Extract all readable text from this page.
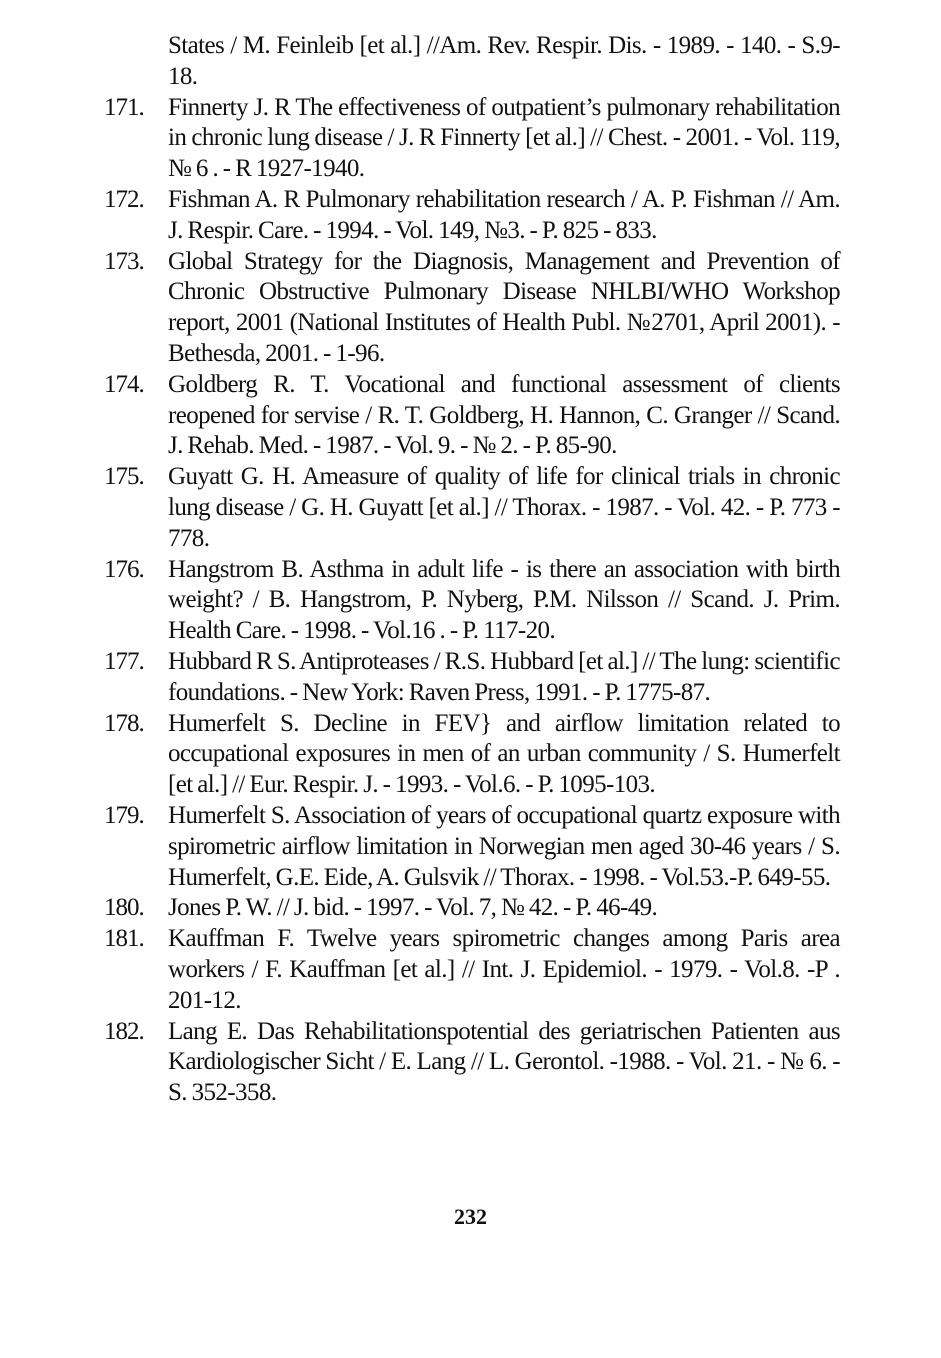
States / M. Feinleib [et al.] //Am. Rev. Respir. Dis. - 1989. - 140. - S.9-18.
171. Finnerty J. R The effectiveness of outpatient’s pulmonary rehabilitation in chronic lung disease / J. R Finnerty [et al.] // Chest. - 2001. - Vol. 119, № 6 . - R 1927-1940.
172. Fishman A. R Pulmonary rehabilitation research / A. P. Fishman // Am. J. Respir. Care. - 1994. - Vol. 149, №3. - P. 825 - 833.
173. Global Strategy for the Diagnosis, Management and Prevention of Chronic Obstructive Pulmonary Disease NHLBI/WHO Workshop report, 2001 (National Institutes of Health Publ. №2701, April 2001). - Bethesda, 2001. - 1-96.
174. Goldberg R. T. Vocational and functional assessment of clients reopened for servise / R. T. Goldberg, H. Hannon, C. Granger // Scand. J. Rehab. Med. - 1987. - Vol. 9. - № 2. - P. 85-90.
175. Guyatt G. H. Ameasure of quality of life for clinical trials in chronic lung disease / G. H. Guyatt [et al.] // Thorax. - 1987. - Vol. 42. - P. 773 - 778.
176. Hangstrom B. Asthma in adult life - is there an association with birth weight? / B. Hangstrom, P. Nyberg, P.M. Nilsson // Scand. J. Prim. Health Care. - 1998. - Vol.16 . - P. 117-20.
177. Hubbard R S. Antiproteases / R.S. Hubbard [et al.] // The lung: scientific foundations. - New York: Raven Press, 1991. - P. 1775-87.
178. Humerfelt S. Decline in FEV} and airflow limitation related to occupational exposures in men of an urban community / S. Humerfelt [et al.] // Eur. Respir. J. - 1993. - Vol.6. - P. 1095-103.
179. Humerfelt S. Association of years of occupational quartz exposure with spirometric airflow limitation in Norwegian men aged 30-46 years / S. Humerfelt, G.E. Eide, A. Gulsvik // Thorax. - 1998. - Vol.53.-P. 649-55.
180. Jones P. W. // J. bid. - 1997. - Vol. 7, № 42. - P. 46-49.
181. Kauffman F. Twelve years spirometric changes among Paris area workers / F. Kauffman [et al.] // Int. J. Epidemiol. - 1979. - Vol.8. -P . 201-12.
182. Lang E. Das Rehabilitationspotential des geriatrischen Patienten aus Kardiologischer Sicht / E. Lang // L. Gerontol. -1988. - Vol. 21. - № 6. - S. 352-358.
232
